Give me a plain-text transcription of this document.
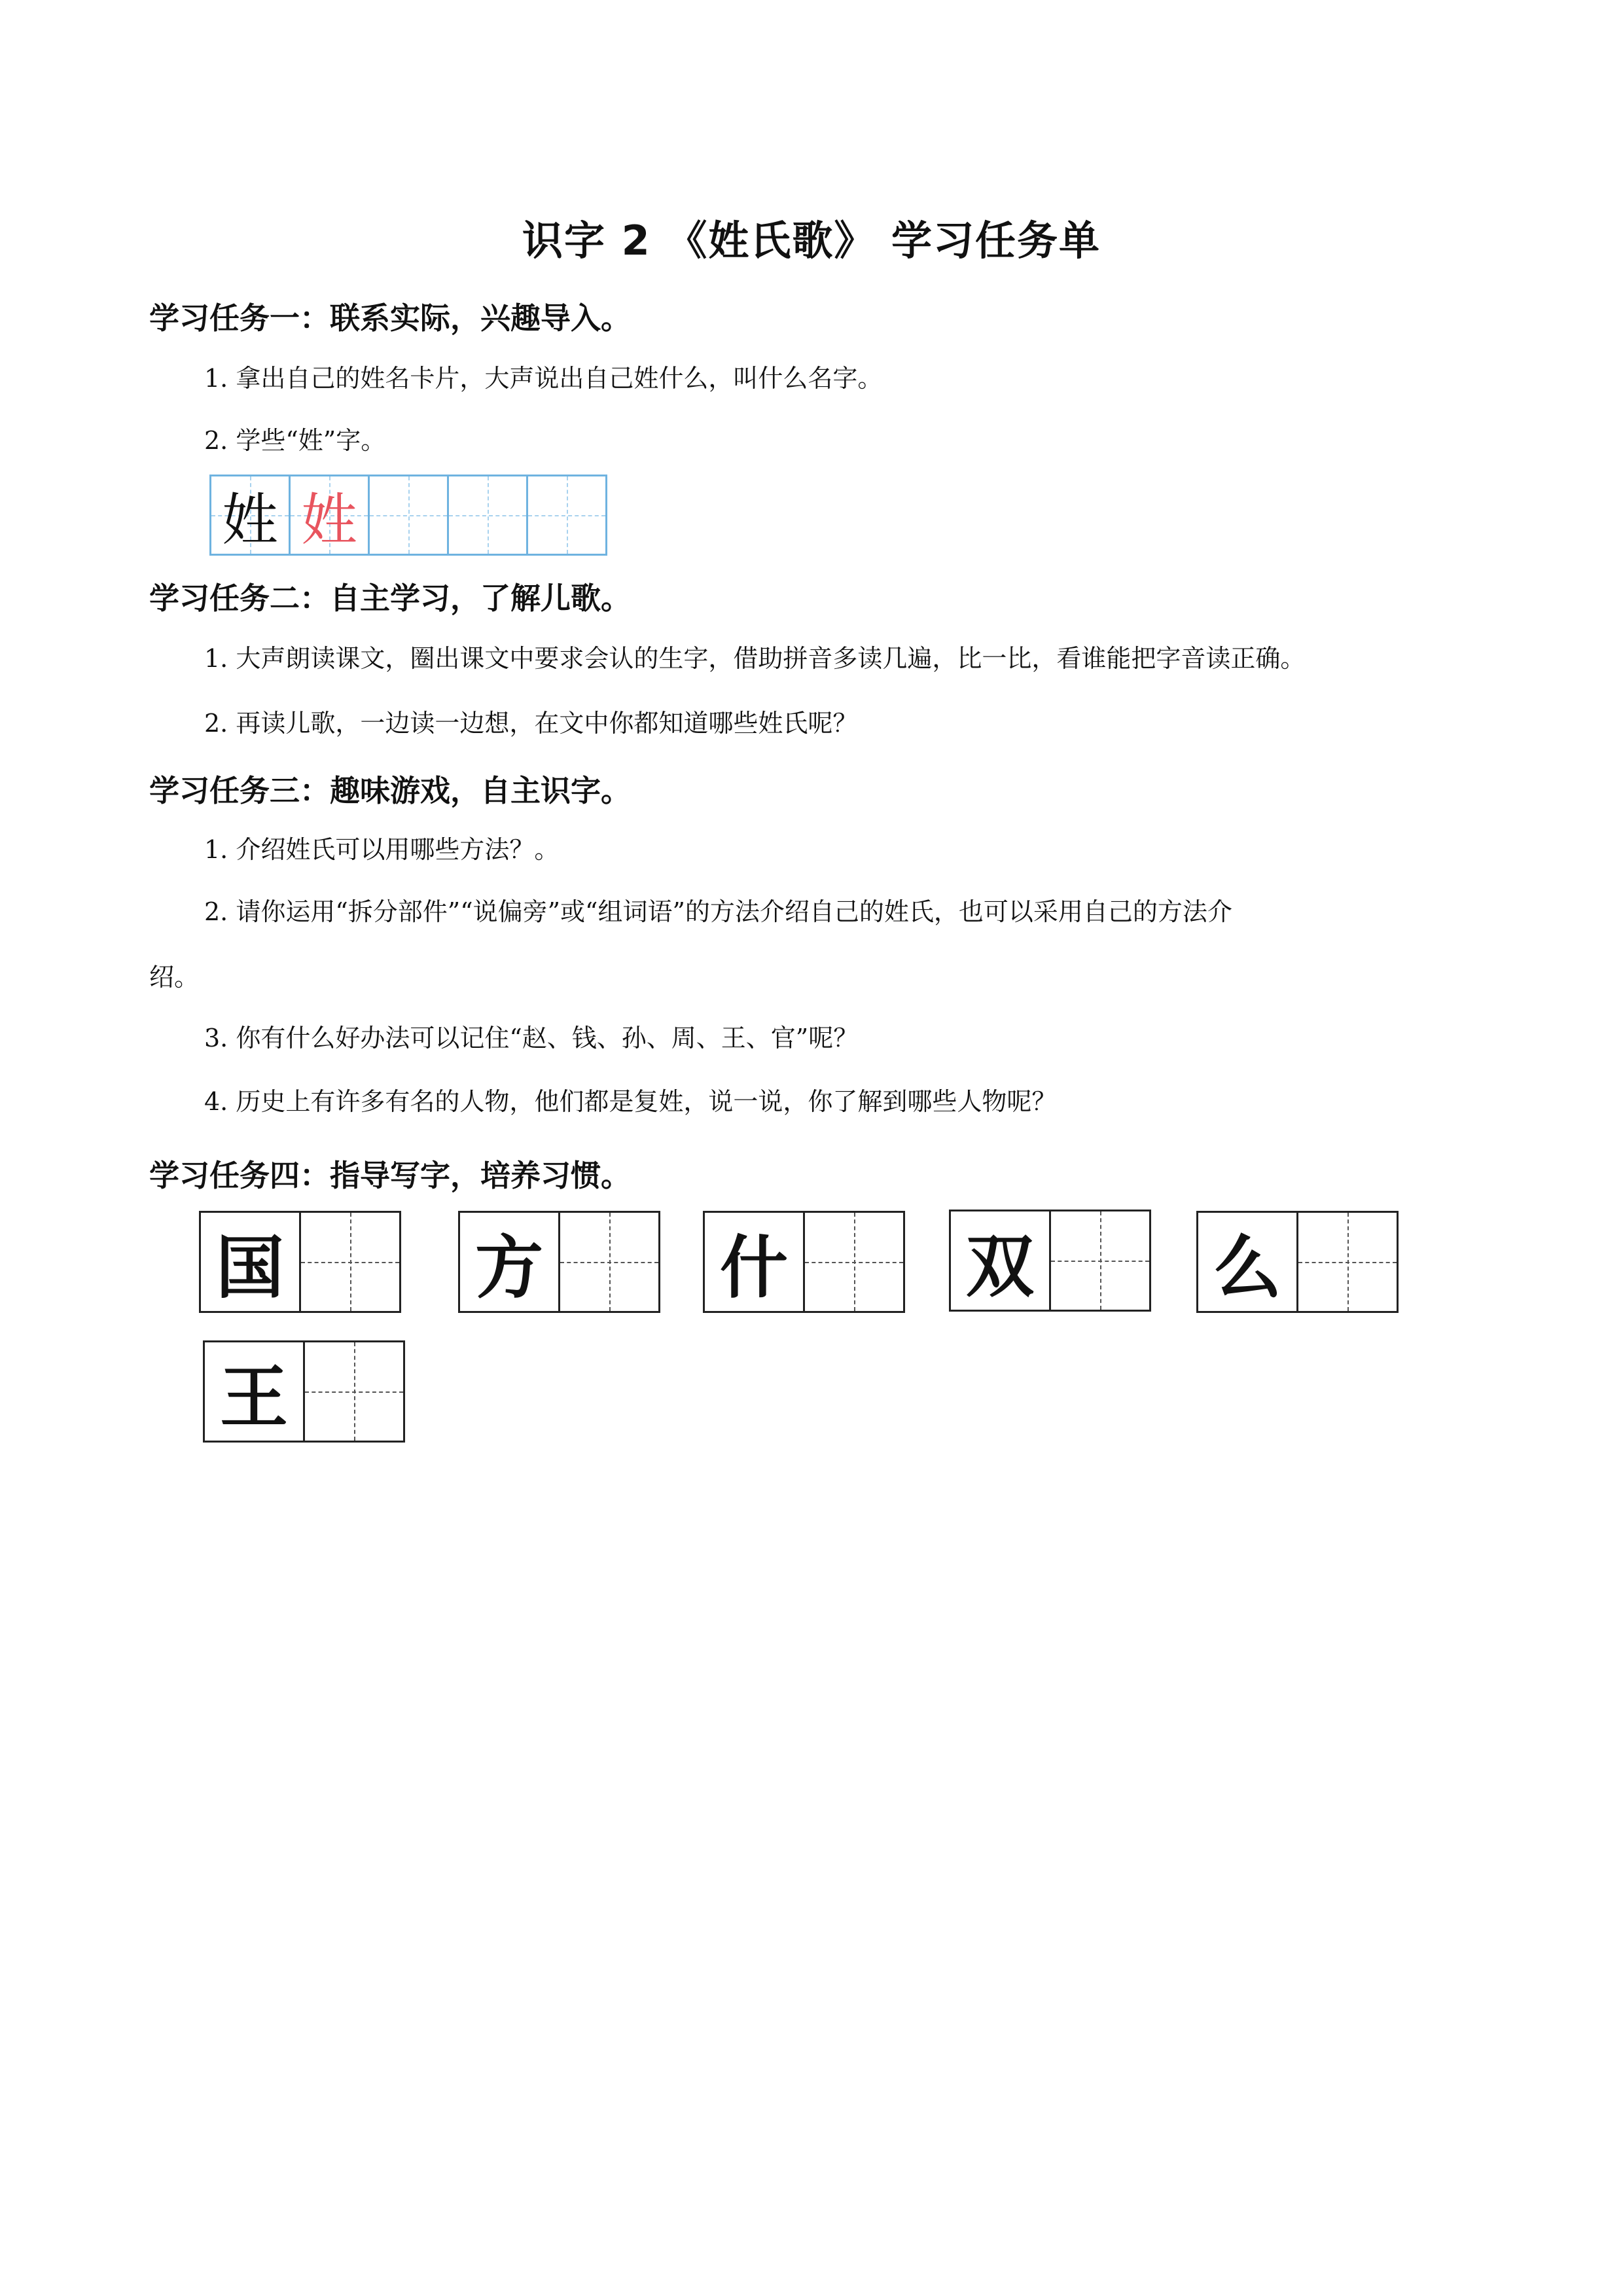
识字 2 《姓氏歌》 学习任务单
学习任务一：联系实际，兴趣导入。
1. 拿出自己的姓名卡片，大声说出自己姓什么，叫什么名字。
2. 学些“姓”字。
姓 姓
学习任务二：自主学习，了解儿歌。
1. 大声朗读课文，圈出课文中要求会认的生字，借助拼音多读几遍，比一比，看谁能把字音读正确。
2. 再读儿歌，一边读一边想，在文中你都知道哪些姓氏呢？
学习任务三：趣味游戏，自主识字。
1. 介绍姓氏可以用哪些方法？。
2. 请你运用“拆分部件”“说偏旁”或“组词语”的方法介绍自己的姓氏，也可以采用自己的方法介
绍。
3. 你有什么好办法可以记住“赵、钱、孙、周、王、官”呢？
4. 历史上有许多有名的人物，他们都是复姓，说一说，你了解到哪些人物呢？
学习任务四：指导写字，培养习惯。
国	方	什	双	么
王
